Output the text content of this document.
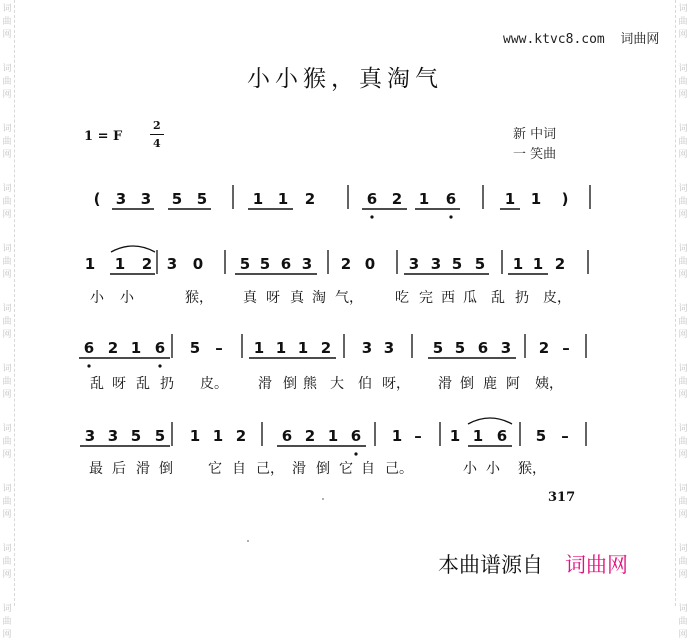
www.ktvc8.com 词曲网
小小猴，真淘气
1 = F
2
4
新 中词
一 笑曲
( 3 3 5 5	1 1 2	6 2 1 6	1 1 )
1 1 2 3 0 5 5 6 3 2 0 3 3 5 5 1 1 2
6 2 1 6 5 – 1 1 1 2 3 3	5 5 6 3 2 –
3 3 5 5 1 1 2 6 2 1 6 1 – 1 1 6 5 –
小 小	猴， 真 呀 真 淘 气， 吃 完 西 瓜 乱 扔 皮，
乱 呀 乱 扔 皮。 滑 倒 熊 大 伯 呀， 滑 倒 鹿 阿 姨，
最 后 滑 倒	它 自 己， 滑 倒 它 自 己。	小 小 猴，
317
本曲谱源自 词曲网
词
曲
网
词
曲
网
词
曲
网
词
曲
网
词
曲
网
词
曲
网
词
曲
网
词
曲
网
词
曲
网
词
曲
网
词
曲
网
词
曲
网
词
曲
网
词
曲
网
词
曲
网
词
曲
网
词
曲
网
词
曲
网
词
曲
网
词
曲
网
词
曲
网
词
曲
网
